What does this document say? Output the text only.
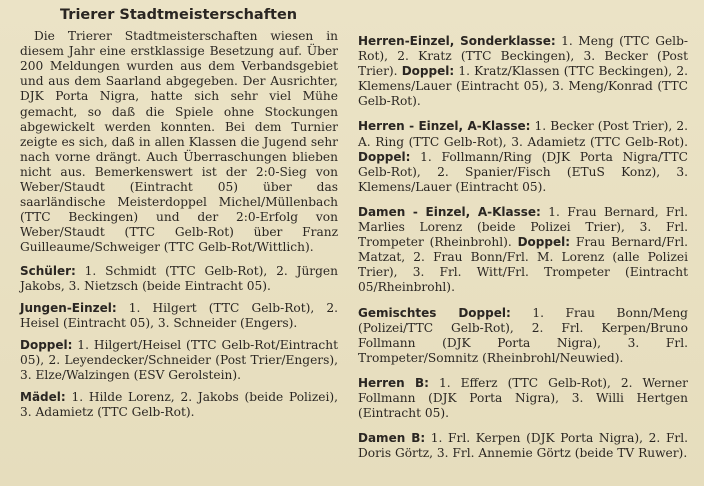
Trierer Stadtmeisterschaften

Die Trierer Stadtmeisterschaften wiesen in diesem Jahr eine erstklassige Besetzung auf. Über 200 Meldungen wurden aus dem Verbandsgebiet und aus dem Saarland abgegeben. Der Ausrichter, DJK Porta Nigra, hatte sich sehr viel Mühe gemacht, so daß die Spiele ohne Stockungen abgewickelt werden konnten. Bei dem Turnier zeigte es sich, daß in allen Klassen die Jugend sehr nach vorne drängt. Auch Überraschungen blieben nicht aus. Bemerkenswert ist der 2:0-Sieg von Weber/Staudt (Eintracht 05) über das saarländische Meisterdoppel Michel/Müllenbach (TTC Beckingen) und der 2:0-Erfolg von Weber/Staudt (TTC Gelb-Rot) über Franz Guilleaume/Schweiger (TTC Gelb-Rot/Wittlich).

Schüler: 1. Schmidt (TTC Gelb-Rot), 2. Jürgen Jakobs, 3. Nietzsch (beide Eintracht 05).

Jungen-Einzel: 1. Hilgert (TTC Gelb-Rot), 2. Heisel (Eintracht 05), 3. Schneider (Engers).

Doppel: 1. Hilgert/Heisel (TTC Gelb-Rot/Eintracht 05), 2. Leyendecker/Schneider (Post Trier/Engers), 3. Elze/Walzingen (ESV Gerolstein).

Mädel: 1. Hilde Lorenz, 2. Jakobs (beide Polizei), 3. Adamietz (TTC Gelb-Rot).

Herren-Einzel, Sonderklasse: 1. Meng (TTC Gelb-Rot), 2. Kratz (TTC Beckingen), 3. Becker (Post Trier). Doppel: 1. Kratz/Klassen (TTC Beckingen), 2. Klemens/Lauer (Eintracht 05), 3. Meng/Konrad (TTC Gelb-Rot).

Herren - Einzel, A-Klasse: 1. Becker (Post Trier), 2. A. Ring (TTC Gelb-Rot), 3. Adamietz (TTC Gelb-Rot). Doppel: 1. Follmann/Ring (DJK Porta Nigra/TTC Gelb-Rot), 2. Spanier/Fisch (ETuS Konz), 3. Klemens/Lauer (Eintracht 05).

Damen - Einzel, A-Klasse: 1. Frau Bernard, Frl. Marlies Lorenz (beide Polizei Trier), 3. Frl. Trompeter (Rheinbrohl). Doppel: Frau Bernard/Frl. Matzat, 2. Frau Bonn/Frl. M. Lorenz (alle Polizei Trier), 3. Frl. Witt/Frl. Trompeter (Eintracht 05/Rheinbrohl).

Gemischtes Doppel: 1. Frau Bonn/Meng (Polizei/TTC Gelb-Rot), 2. Frl. Kerpen/Bruno Follmann (DJK Porta Nigra), 3. Frl. Trompeter/Somnitz (Rheinbrohl/Neuwied).

Herren B: 1. Efferz (TTC Gelb-Rot), 2. Werner Follmann (DJK Porta Nigra), 3. Willi Hertgen (Eintracht 05).

Damen B: 1. Frl. Kerpen (DJK Porta Nigra), 2. Frl. Doris Görtz, 3. Frl. Annemie Görtz (beide TV Ruwer).
